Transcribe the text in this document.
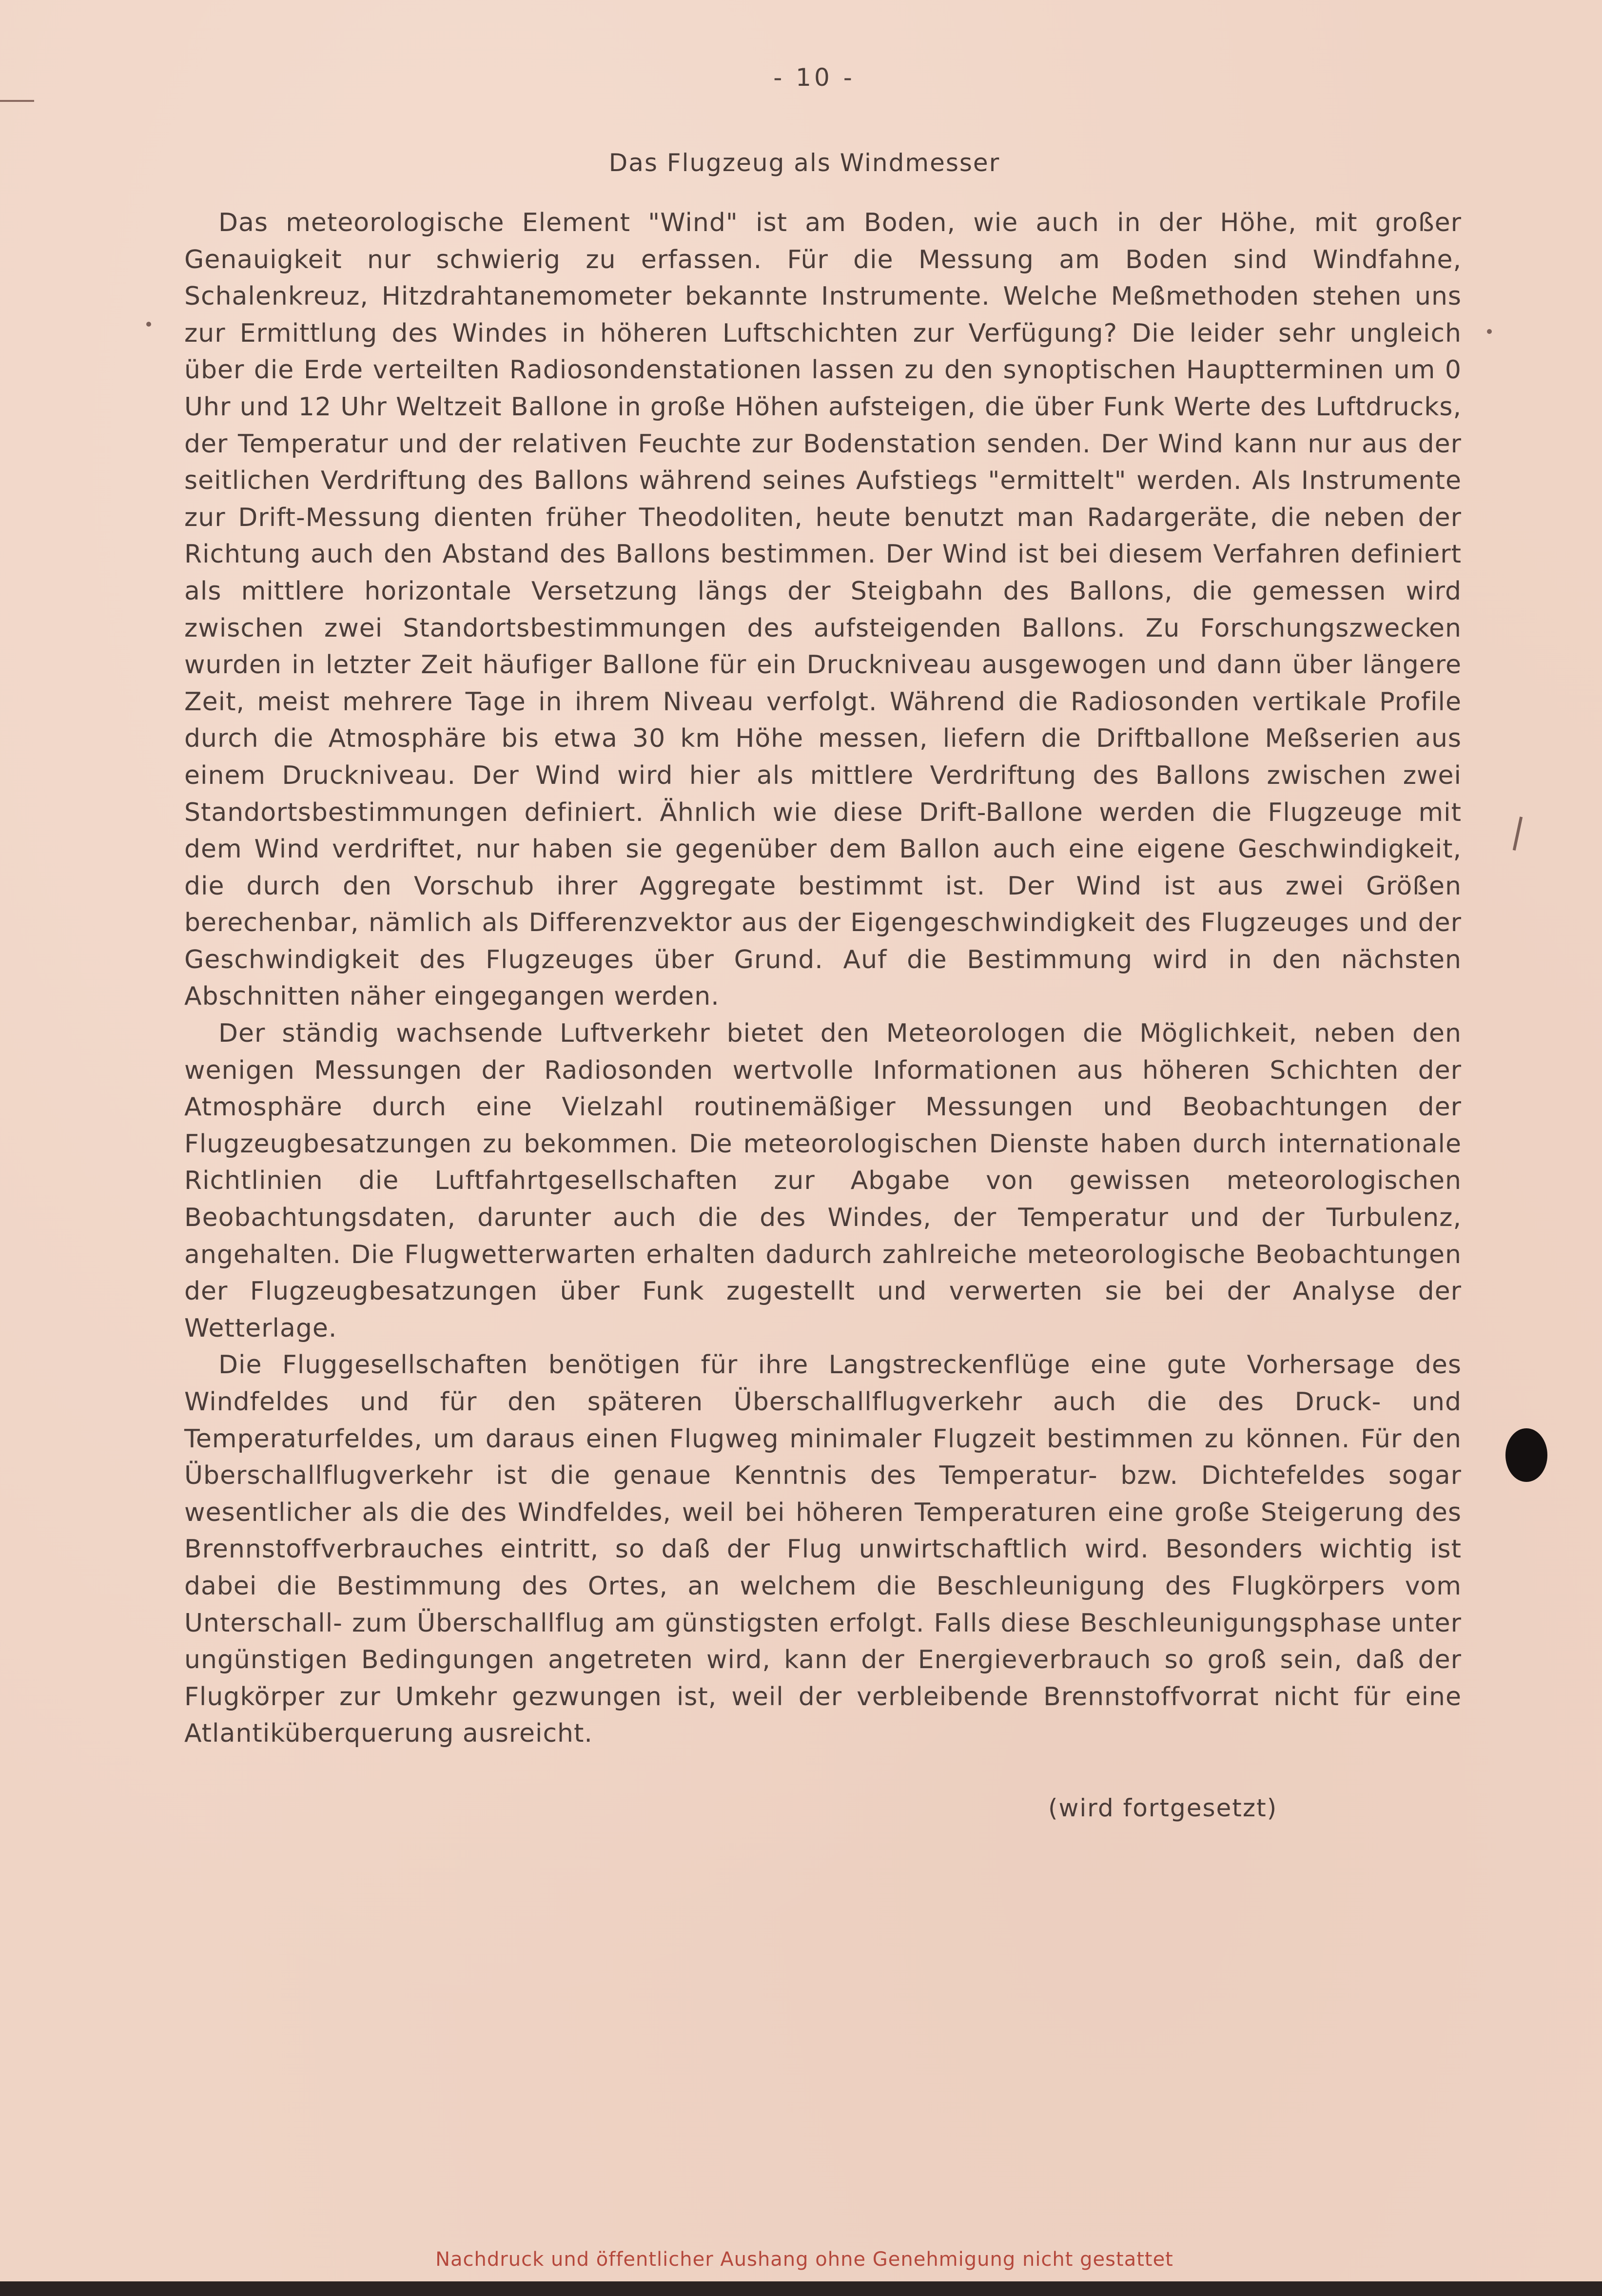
- 10 -
Das Flugzeug als Windmesser

Das meteorologische Element "Wind" ist am Boden, wie auch in der Höhe, mit großer Genauigkeit nur schwierig zu erfassen. Für die Messung am Boden sind Windfahne, Schalenkreuz, Hitzdrahtanemometer bekannte Instrumente. Welche Meßmethoden stehen uns zur Ermittlung des Windes in höheren Luftschichten zur Verfügung? Die leider sehr ungleich über die Erde verteilten Radiosondenstationen lassen zu den synoptischen Hauptterminen um 0 Uhr und 12 Uhr Weltzeit Ballone in große Höhen aufsteigen, die über Funk Werte des Luftdrucks, der Temperatur und der relativen Feuchte zur Bodenstation senden. Der Wind kann nur aus der seitlichen Verdriftung des Ballons während seines Aufstiegs "ermittelt" werden. Als Instrumente zur Drift-Messung dienten früher Theodoliten, heute benutzt man Radargeräte, die neben der Richtung auch den Abstand des Ballons bestimmen. Der Wind ist bei diesem Verfahren definiert als mittlere horizontale Versetzung längs der Steigbahn des Ballons, die gemessen wird zwischen zwei Standortsbestimmungen des aufsteigenden Ballons. Zu Forschungszwecken wurden in letzter Zeit häufiger Ballone für ein Druckniveau ausgewogen und dann über längere Zeit, meist mehrere Tage in ihrem Niveau verfolgt. Während die Radiosonden vertikale Profile durch die Atmosphäre bis etwa 30 km Höhe messen, liefern die Driftballone Meßserien aus einem Druckniveau. Der Wind wird hier als mittlere Verdriftung des Ballons zwischen zwei Standortsbestimmungen definiert. Ähnlich wie diese Drift-Ballone werden die Flugzeuge mit dem Wind verdriftet, nur haben sie gegenüber dem Ballon auch eine eigene Geschwindigkeit, die durch den Vorschub ihrer Aggregate bestimmt ist. Der Wind ist aus zwei Größen berechenbar, nämlich als Differenzvektor aus der Eigengeschwindigkeit des Flugzeuges und der Geschwindigkeit des Flugzeuges über Grund. Auf die Bestimmung wird in den nächsten Abschnitten näher eingegangen werden.

Der ständig wachsende Luftverkehr bietet den Meteorologen die Möglichkeit, neben den wenigen Messungen der Radiosonden wertvolle Informationen aus höheren Schichten der Atmosphäre durch eine Vielzahl routinemäßiger Messungen und Beobachtungen der Flugzeugbesatzungen zu bekommen. Die meteorologischen Dienste haben durch internationale Richtlinien die Luftfahrtgesellschaften zur Abgabe von gewissen meteorologischen Beobachtungsdaten, darunter auch die des Windes, der Temperatur und der Turbulenz, angehalten. Die Flugwetterwarten erhalten dadurch zahlreiche meteorologische Beobachtungen der Flugzeugbesatzungen über Funk zugestellt und verwerten sie bei der Analyse der Wetterlage.

Die Fluggesellschaften benötigen für ihre Langstreckenflüge eine gute Vorhersage des Windfeldes und für den späteren Überschallflugverkehr auch die des Druck- und Temperaturfeldes, um daraus einen Flugweg minimaler Flugzeit bestimmen zu können. Für den Überschallflugverkehr ist die genaue Kenntnis des Temperatur- bzw. Dichtefeldes sogar wesentlicher als die des Windfeldes, weil bei höheren Temperaturen eine große Steigerung des Brennstoffverbrauches eintritt, so daß der Flug unwirtschaftlich wird. Besonders wichtig ist dabei die Bestimmung des Ortes, an welchem die Beschleunigung des Flugkörpers vom Unterschall- zum Überschallflug am günstigsten erfolgt. Falls diese Beschleunigungsphase unter ungünstigen Bedingungen angetreten wird, kann der Energieverbrauch so groß sein, daß der Flugkörper zur Umkehr gezwungen ist, weil der verbleibende Brennstoffvorrat nicht für eine Atlantiküberquerung ausreicht.

(wird fortgesetzt)
Nachdruck und öffentlicher Aushang ohne Genehmigung nicht gestattet
